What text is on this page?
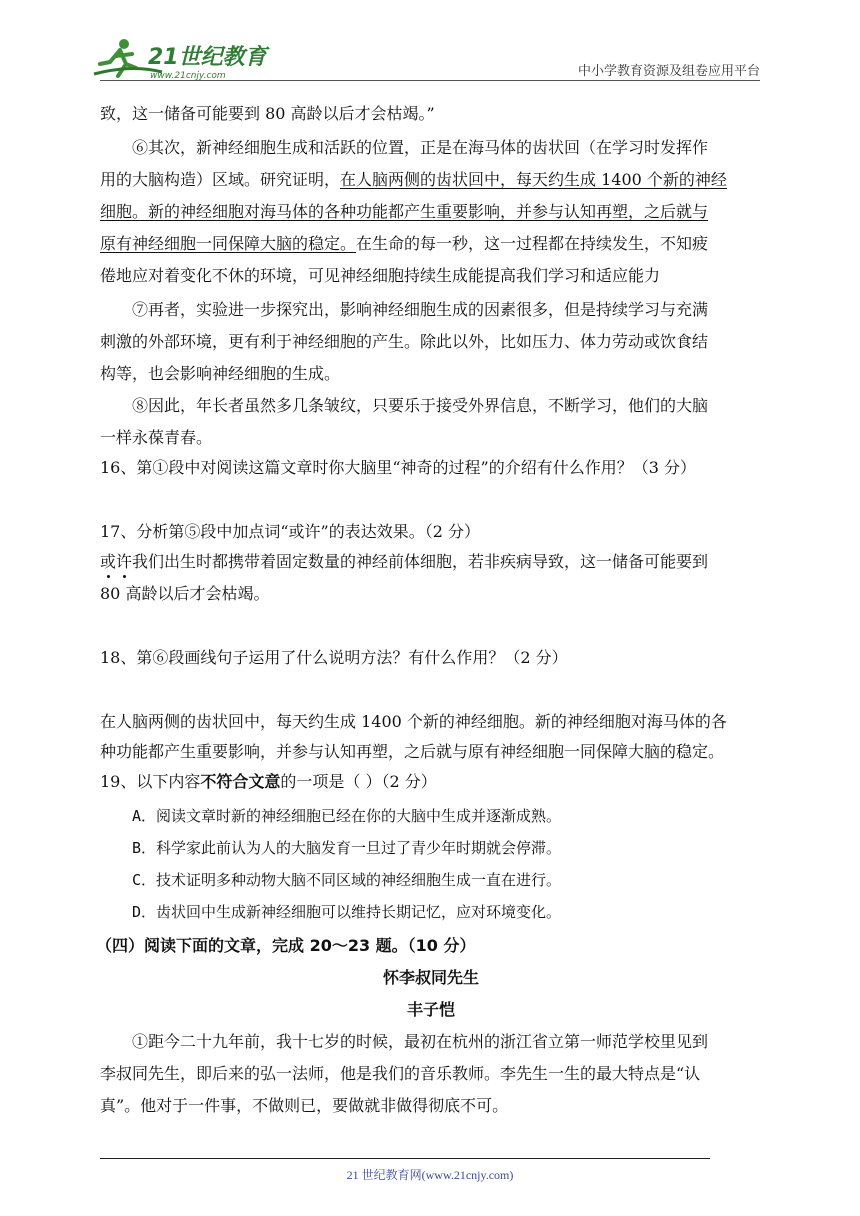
21世纪教育
www.21cnjy.com	中小学教育资源及组卷应用平台
致，这一储备可能要到 80 高龄以后才会枯竭。”
⑥其次，新神经细胞生成和活跃的位置，正是在海马体的齿状回（在学习时发挥作
用的大脑构造）区域。研究证明，在人脑两侧的齿状回中，每天约生成 1400 个新的神经
细胞。新的神经细胞对海马体的各种功能都产生重要影响，并参与认知再塑，之后就与
原有神经细胞一同保障大脑的稳定。在生命的每一秒，这一过程都在持续发生，不知疲
倦地应对着变化不休的环境，可见神经细胞持续生成能提高我们学习和适应能力
⑦再者，实验进一步探究出，影响神经细胞生成的因素很多，但是持续学习与充满
刺激的外部环境，更有利于神经细胞的产生。除此以外，比如压力、体力劳动或饮食结
构等，也会影响神经细胞的生成。
⑧因此，年长者虽然多几条皱纹，只要乐于接受外界信息，不断学习，他们的大脑
一样永葆青春。
16、第①段中对阅读这篇文章时你大脑里“神奇的过程”的介绍有什么作用？（3 分）
17、分析第⑤段中加点词“或许”的表达效果。（2 分）
或许我们出生时都携带着固定数量的神经前体细胞，若非疾病导致，这一储备可能要到
80 高龄以后才会枯竭。
18、第⑥段画线句子运用了什么说明方法？有什么作用？（2 分）
在人脑两侧的齿状回中，每天约生成 1400 个新的神经细胞。新的神经细胞对海马体的各
种功能都产生重要影响，并参与认知再塑，之后就与原有神经细胞一同保障大脑的稳定。
19、以下内容不符合文意的一项是（ ）（2 分）
A．阅读文章时新的神经细胞已经在你的大脑中生成并逐渐成熟。
B．科学家此前认为人的大脑发育一旦过了青少年时期就会停滞。
C．技术证明多种动物大脑不同区域的神经细胞生成一直在进行。
D．齿状回中生成新神经细胞可以维持长期记忆，应对环境变化。
（四）阅读下面的文章，完成 20～23 题。（10 分）
怀李叔同先生
丰子恺
①距今二十九年前，我十七岁的时候，最初在杭州的浙江省立第一师范学校里见到
李叔同先生，即后来的弘一法师，他是我们的音乐教师。李先生一生的最大特点是“认
真”。他对于一件事，不做则已，要做就非做得彻底不可。
21 世纪教育网(www.21cnjy.com)
